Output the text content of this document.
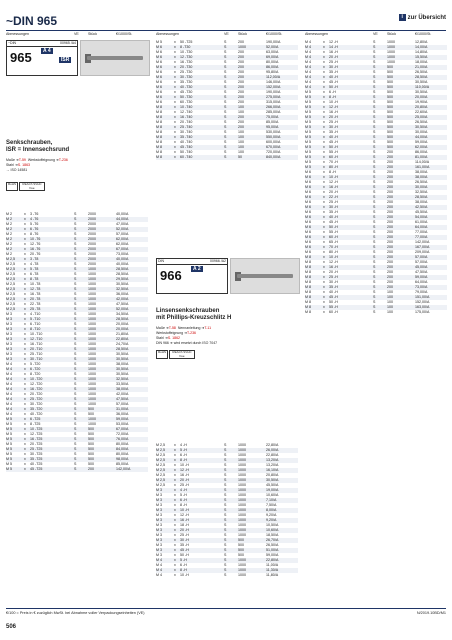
~DIN 965	i zur Übersicht
Abmessungen	VE	Stück	€/1000/St.	Abmessungen	VE	Stück	€/1000/St.	Abmessungen	VE	Stück	€/1000/St.
~DIN	00965 /A4
965	A 4
ISR
Senkschrauben,
ISR = Innensechsrund
Maße ➔T-59 Werkstoffeignung ➔T-236
Stahl ➔S. 1863
→ ISO 14581
RoHS	REACh SVHC free
DIN	00966 /A2
966	A 2
Linsensenkschrauben
mit Phillips-Kreuzschlitz H
Maße ➔T-58 Nennanleitung ➔T-11
Werkstoffeignung ➔T-236
Stahl ➔S. 1862
DIN 966 ➔ wird ersetzt durch ISO 7047
RoHS	REACh SVHC free
M 2	x 3 -T6	S	2000	40,00/A
M 2	x 4 -T6	S	2000	44,00/A
M 2	x 5 -T6	S	2000	47,00/A
M 2	x 6 -T6	S	2000	52,00/A
M 2	x 8 -T6	S	2000	57,00/A
M 2	x 10 -T6	S	2000	62,00/A
M 2	x 12 -T6	S	2000	62,00/A
M 2	x 16 -T6	S	2000	67,00/A
M 2	x 20 -T6	S	2000	73,00/A
M 2,5	x 3 -T8	S	2000	40,00/A
M 2,5	x 4 -T8	S	2000	40,00/A
M 2,5	x 5 -T8	S	1000	28,50/A
M 2,5	x 6 -T8	S	1000	28,50/A
M 2,5	x 8 -T8	S	1000	29,50/A
M 2,5	x 10 -T8	S	1000	30,50/A
M 2,5	x 12 -T8	S	1000	32,50/A
M 2,5	x 16 -T8	S	1000	36,00/A
M 2,5	x 20 -T8	S	1000	42,00/A
M 2,5	x 22 -T8	S	1000	47,50/A
M 2,5	x 25 -T8	S	1000	52,00/A
M 3	x 4 -T10	S	1000	34,50/A
M 3	x 5 -T10	S	1000	28,50/A
M 3	x 6 -T10	S	1000	20,00/A
M 3	x 8 -T10	S	1000	20,00/A
M 3	x 10 -T10	S	1000	21,80/A
M 3	x 12 -T10	S	1000	22,80/A
M 3	x 16 -T10	S	1000	24,70/A
M 3	x 20 -T10	S	1000	28,50/A
M 3	x 25 -T10	S	1000	30,50/A
M 3	x 30 -T10	S	1000	30,50/A
M 4	x 5 -T20	S	1000	38,00/A
M 4	x 6 -T20	S	1000	30,50/A
M 4	x 8 -T20	S	1000	30,50/A
M 4	x 10 -T20	S	1000	32,50/A
M 4	x 12 -T20	S	1000	33,50/A
M 4	x 16 -T20	S	1000	38,00/A
M 4	x 20 -T20	S	1000	42,00/A
M 4	x 25 -T20	S	1000	47,50/A
M 4	x 30 -T20	S	1000	57,00/A
M 4	x 35 -T20	S	500	31,00/A
M 4	x 40 -T20	S	500	36,00/A
M 5	x 6 -T25	S	1000	59,00/A
M 5	x 8 -T25	S	1000	53,00/A
M 5	x 10 -T25	S	500	67,00/A
M 5	x 12 -T25	S	500	72,00/A
M 5	x 16 -T25	S	500	76,00/A
M 5	x 20 -T25	S	500	80,00/A
M 5	x 25 -T25	S	500	84,00/A
M 5	x 30 -T25	S	500	80,00/A
M 5	x 35 -T25	S	500	98,00/A
M 5	x 40 -T25	S	500	85,00/A
M 5	x 45 -T25	S	200	142,00/A
M 5	x 50 -T25	S	200	190,00/A
M 6	x 8 -T30	S	1000	52,00/A
M 6	x 10 -T30	S	200	63,00/A
M 6	x 12 -T30	S	200	69,00/A
M 6	x 16 -T30	S	200	80,00/A
M 6	x 20 -T30	S	200	86,00/A
M 6	x 25 -T30	S	200	95,80/A
M 6	x 30 -T30	S	200	112,00/A
M 6	x 35 -T30	S	200	146,00/A
M 6	x 40 -T30	S	200	152,00/A
M 6	x 45 -T30	S	200	190,00/A
M 6	x 50 -T30	S	200	275,00/A
M 6	x 60 -T30	S	200	315,00/A
M 8	x 10 -T40	S	100	266,00/A
M 8	x 12 -T40	S	100	285,00/A
M 8	x 16 -T40	S	200	75,00/A
M 8	x 20 -T40	S	200	85,00/A
M 8	x 25 -T40	S	200	95,00/A
M 8	x 30 -T40	S	100	530,00/A
M 8	x 35 -T40	S	100	550,00/A
M 8	x 40 -T40	S	100	600,00/A
M 8	x 45 -T40	S	100	670,00/A
M 8	x 50 -T40	S	100	720,00/A
M 8	x 60 -T40	S	50	840,00/A
M 2,5	x 4 -H	S	1000	22,80/A
M 2,5	x 5 -H	S	1000	26,00/A
M 2,5	x 6 -H	S	1000	22,80/A
M 2,5	x 8 -H	S	1000	13,20/A
M 2,5	x 10 -H	S	1000	13,20/A
M 2,5	x 12 -H	S	1000	16,10/A
M 2,5	x 16 -H	S	1000	20,80/A
M 2,5	x 20 -H	S	1000	30,50/A
M 2,5	x 25 -H	S	1000	45,50/A
M 3	x 4 -H	S	1000	19,00/A
M 3	x 5 -H	S	1000	10,60/A
M 3	x 6 -H	S	1000	7,10/A
M 3	x 8 -H	S	1000	7,50/A
M 3	x 10 -H	S	1000	8,00/A
M 3	x 12 -H	S	1000	9,20/A
M 3	x 16 -H	S	1000	9,20/A
M 3	x 18 -H	S	1000	10,50/A
M 3	x 20 -H	S	1000	10,60/A
M 3	x 25 -H	S	1000	18,50/A
M 3	x 30 -H	S	500	26,70/A
M 3	x 35 -H	S	500	26,50/A
M 3	x 45 -H	S	500	51,00/A
M 3	x 50 -H	S	500	59,00/A
M 4	x 5 -H	S	1000	22,80/A
M 4	x 6 -H	S	1000	11,00/A
M 4	x 8 -H	S	1000	11,30/A
M 4	x 10 -H	S	1000	11,80/A
M 4	x 12 -H	S	1000	12,80/A
M 4	x 14 -H	S	1000	14,00/A
M 4	x 16 -H	S	1000	14,80/A
M 4	x 20 -H	S	1000	15,50/A
M 4	x 25 -H	S	1000	18,00/A
M 4	x 30 -H	S	500	21,00/A
M 4	x 35 -H	S	500	26,50/A
M 4	x 40 -H	S	500	28,50/A
M 4	x 45 -H	S	500	30,50/A
M 4	x 50 -H	S	500	110,00/A
M 5	x 6 -H	S	500	30,50/A
M 5	x 8 -H	S	500	20,00/A
M 5	x 10 -H	S	500	19,90/A
M 5	x 12 -H	S	500	20,80/A
M 5	x 16 -H	S	500	22,60/A
M 5	x 20 -H	S	500	25,00/A
M 5	x 25 -H	S	500	26,50/A
M 5	x 30 -H	S	500	30,50/A
M 5	x 35 -H	S	500	30,00/A
M 5	x 40 -H	S	500	44,00/A
M 5	x 45 -H	S	500	59,00/A
M 5	x 50 -H	S	500	62,00/A
M 5	x 55 -H	S	200	86,00/A
M 5	x 60 -H	S	200	81,00/A
M 5	x 70 -H	S	200	114,00/A
M 5	x 80 -H	S	200	161,00/A
M 6	x 8 -H	S	200	38,00/A
M 6	x 10 -H	S	200	38,00/A
M 6	x 12 -H	S	200	26,50/A
M 6	x 16 -H	S	200	30,00/A
M 6	x 20 -H	S	200	32,50/A
M 6	x 22 -H	S	200	28,50/A
M 6	x 25 -H	S	200	38,00/A
M 6	x 30 -H	S	200	42,50/A
M 6	x 35 -H	S	200	45,50/A
M 6	x 40 -H	S	200	54,00/A
M 6	x 45 -H	S	200	61,00/A
M 6	x 50 -H	S	200	64,00/A
M 6	x 55 -H	S	200	77,00/A
M 6	x 60 -H	S	200	77,00/A
M 6	x 65 -H	S	200	142,00/A
M 6	x 70 -H	S	200	167,00/A
M 6	x 80 -H	S	200	209,00/A
M 8	x 10 -H	S	200	57,00/A
M 8	x 12 -H	S	200	57,00/A
M 8	x 16 -H	S	200	45,00/A
M 8	x 20 -H	S	200	47,50/A
M 8	x 25 -H	S	200	59,00/A
M 8	x 30 -H	S	200	64,00/A
M 8	x 35 -H	S	200	73,00/A
M 8	x 40 -H	S	100	79,00/A
M 8	x 45 -H	S	100	151,00/A
M 8	x 50 -H	S	100	152,00/A
M 8	x 55 -H	S	100	163,00/A
M 8	x 60 -H	S	100	175,00/A
€/100 = Preis in € zuzüglich MwSt. bei Abnahme voller Verpackungseinheiten (VE)	N/2019.10BD/M1
506
